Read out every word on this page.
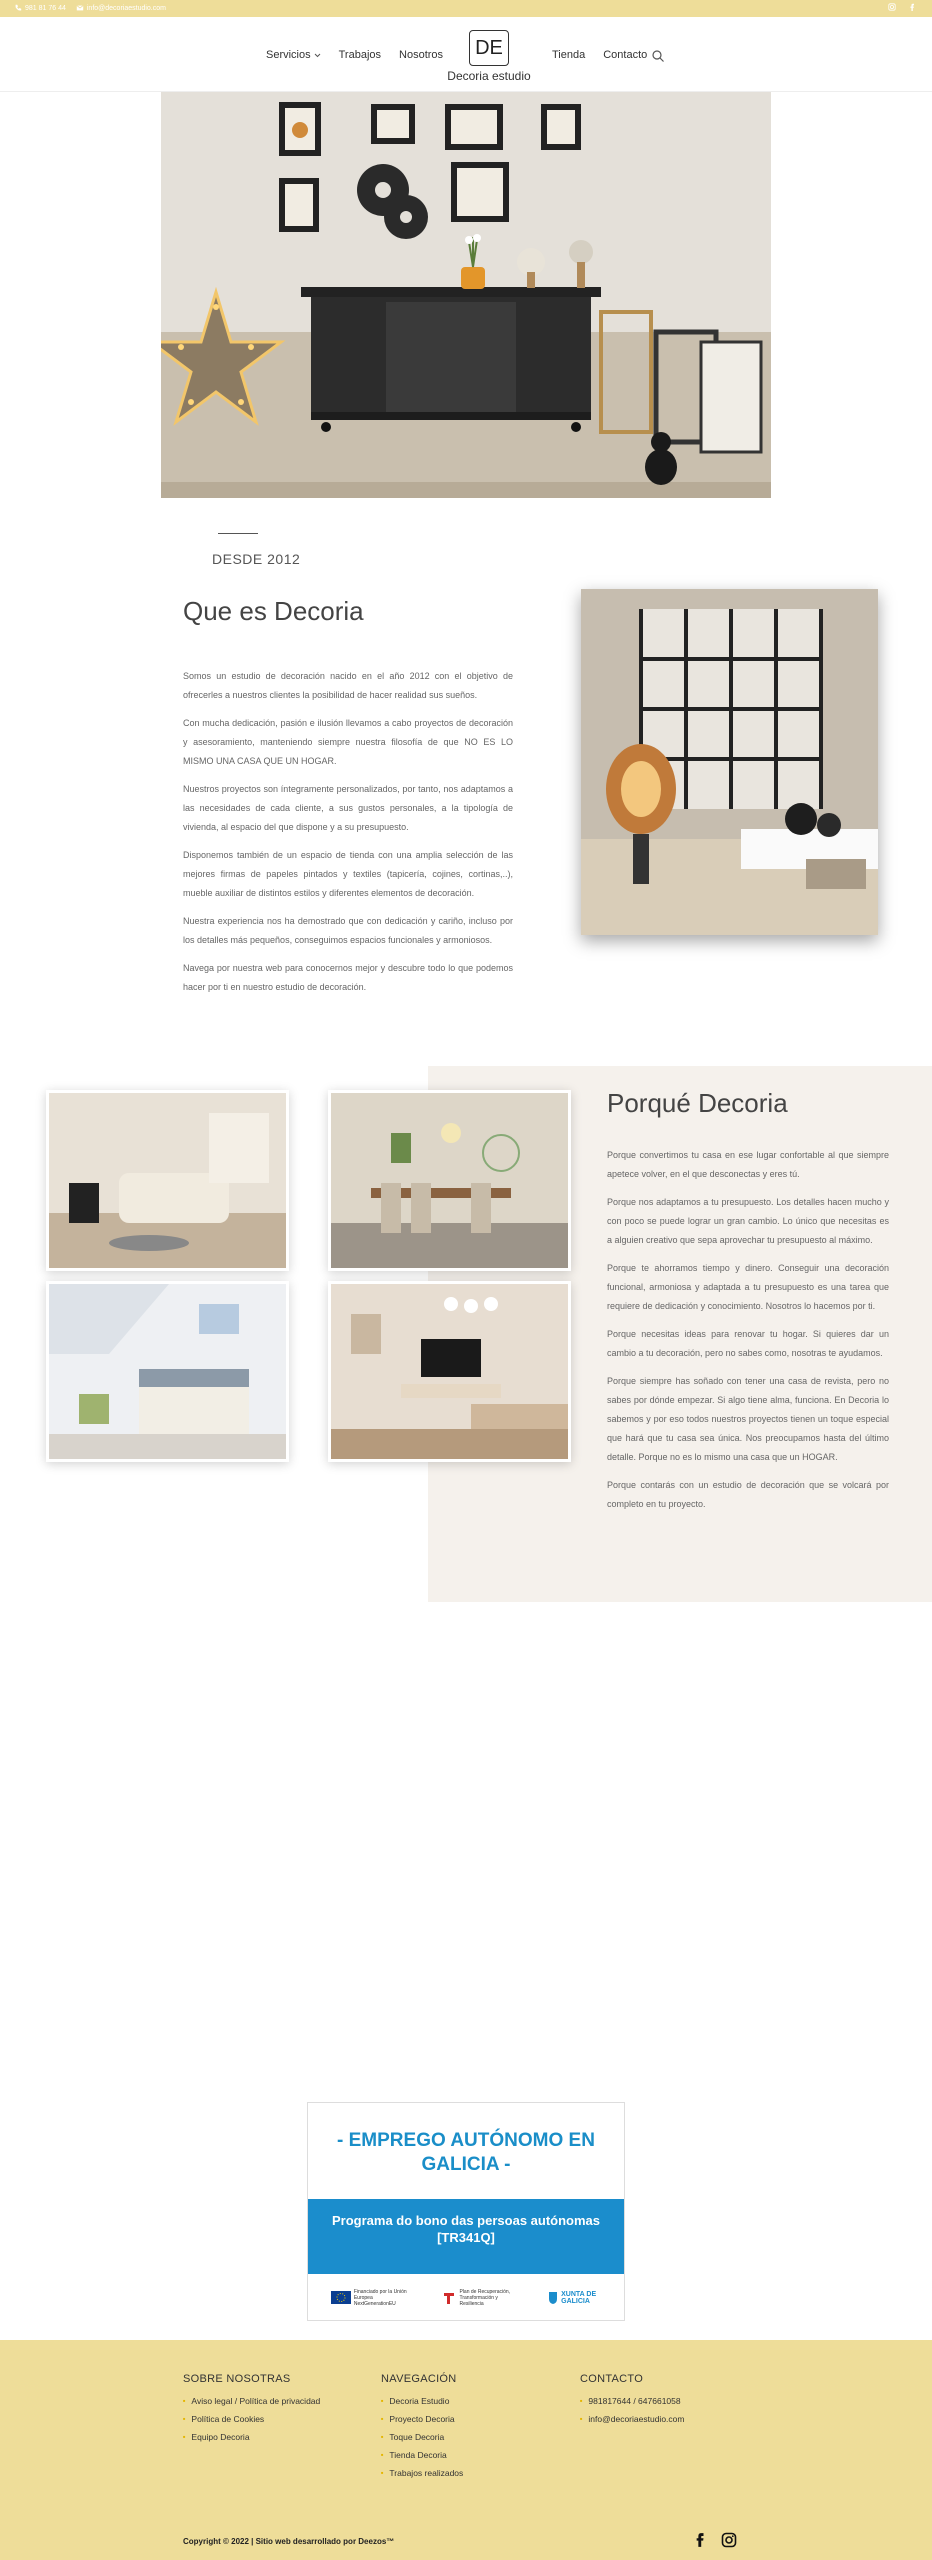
981 81 76 44	info@decoriaestudio.com
Servicios	Trabajos Nosotros	DE
Decoria estudio
Tienda Contacto
DESDE 2012
Que es Decoria

Somos un estudio de decoración nacido en el año 2012 con el objetivo de ofrecerles a nuestros clientes la posibilidad de hacer realidad sus sueños.

Con mucha dedicación, pasión e ilusión llevamos a cabo proyectos de decoración y asesoramiento, manteniendo siempre nuestra filosofía de que NO ES LO MISMO UNA CASA QUE UN HOGAR.

Nuestros proyectos son íntegramente personalizados, por tanto, nos adaptamos a las necesidades de cada cliente, a sus gustos personales, a la tipología de vivienda, al espacio del que dispone y a su presupuesto.

Disponemos también de un espacio de tienda con una amplia selección de las mejores firmas de papeles pintados y textiles (tapicería, cojines, cortinas,..), mueble auxiliar de distintos estilos y diferentes elementos de decoración.

Nuestra experiencia nos ha demostrado que con dedicación y cariño, incluso por los detalles más pequeños, conseguimos espacios funcionales y armoniosos.

Navega por nuestra web para conocernos mejor y descubre todo lo que podemos hacer por ti en nuestro estudio de decoración.

Porqué Decoria

Porque convertimos tu casa en ese lugar confortable al que siempre apetece volver, en el que desconectas y eres tú.

Porque nos adaptamos a tu presupuesto. Los detalles hacen mucho y con poco se puede lograr un gran cambio. Lo único que necesitas es a alguien creativo que sepa aprovechar tu presupuesto al máximo.

Porque te ahorramos tiempo y dinero. Conseguir una decoración funcional, armoniosa y adaptada a tu presupuesto es una tarea que requiere de dedicación y conocimiento. Nosotros lo hacemos por ti.

Porque necesitas ideas para renovar tu hogar. Si quieres dar un cambio a tu decoración, pero no sabes como, nosotras te ayudamos.

Porque siempre has soñado con tener una casa de revista, pero no sabes por dónde empezar. Si algo tiene alma, funciona. En Decoria lo sabemos y por eso todos nuestros proyectos tienen un toque especial que hará que tu casa sea única. Nos preocupamos hasta del último detalle. Porque no es lo mismo una casa que un HOGAR.

Porque contarás con un estudio de decoración que se volcará por completo en tu proyecto.

- EMPREGO AUTÓNOMO EN GALICIA -
Programa do bono das persoas autónomas [TR341Q]
Financiado por la Unión Europea NextGenerationEU
Plan de Recuperación, Transformación y Resiliencia
XUNTA DE GALICIA
SOBRE NOSOTRAS
■ Aviso legal / Política de privacidad
■ Política de Cookies
■ Equipo Decoria
NAVEGACIÓN
■ Decoria Estudio
■ Proyecto Decoria
■ Toque Decoria
■ Tienda Decoria
■ Trabajos realizados
CONTACTO
■ 981817644 / 647661058
■ info@decoriaestudio.com
Copyright © 2022 | Sitio web desarrollado por Deezos™
